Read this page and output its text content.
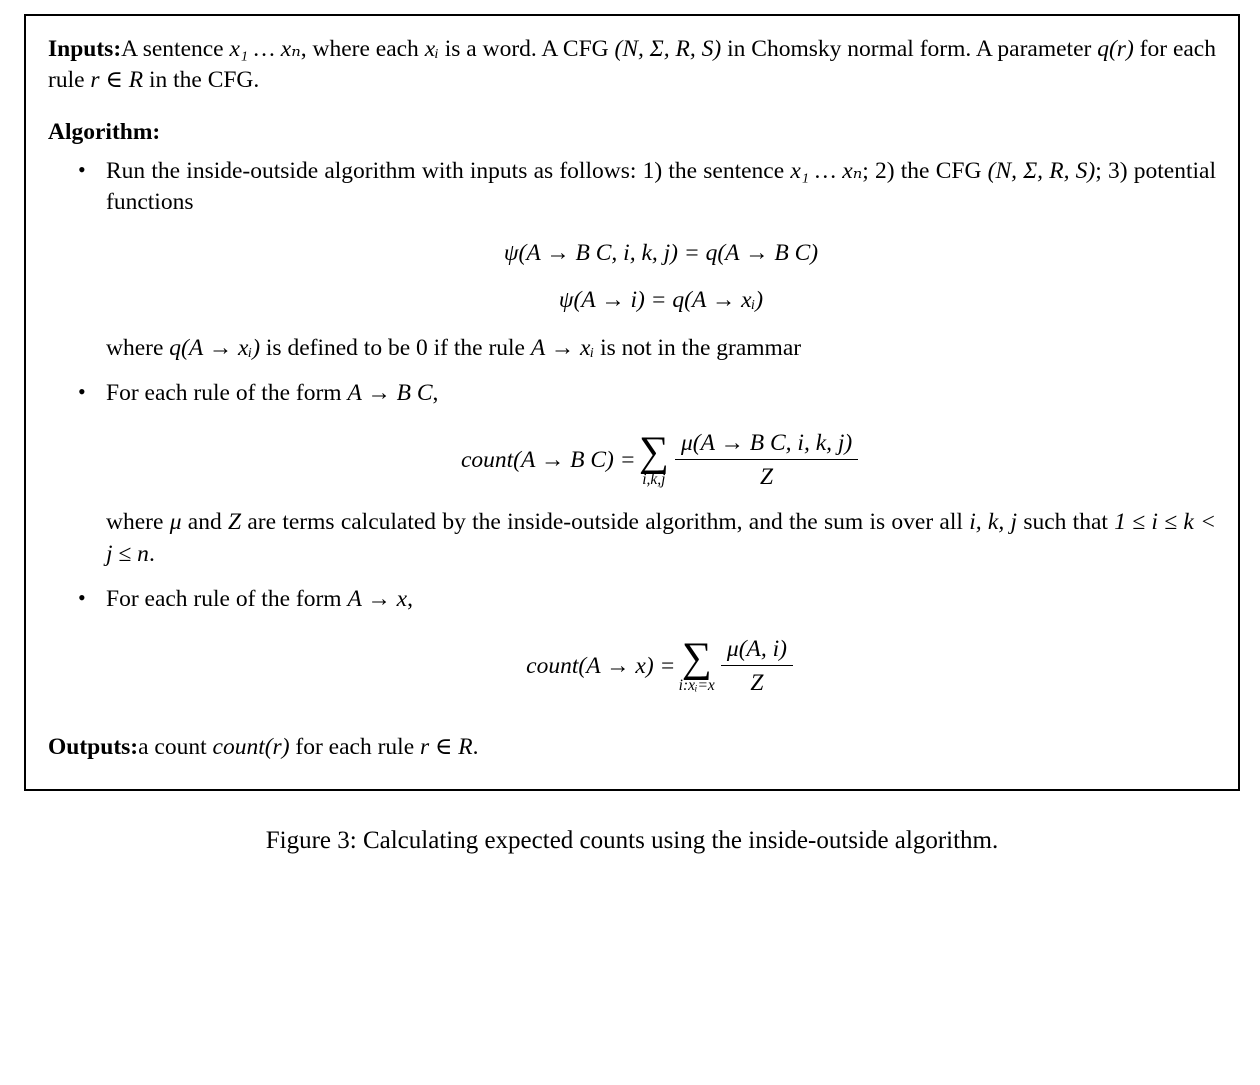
Inputs:A sentence x₁ … xₙ, where each xᵢ is a word. A CFG (N, Σ, R, S) in Chomsky normal form. A parameter q(r) for each rule r ∈ R in the CFG.

Algorithm:
• Run the inside-outside algorithm with inputs as follows: 1) the sentence x₁ … xₙ; 2) the CFG (N, Σ, R, S); 3) potential functions
ψ(A → B C, i, k, j) = q(A → B C)
ψ(A → i) = q(A → xᵢ)
where q(A → xᵢ) is defined to be 0 if the rule A → xᵢ is not in the grammar
• For each rule of the form A → B C,
count(A → B C) = ∑
$i,k,j \frac{\text{μ(A → B C, i, k, j)}}{Z}$
where μ and Z are terms calculated by the inside-outside algorithm, and the sum is over all i, k, j such that 1 ≤ i ≤ k < j ≤ n.
• For each rule of the form A → x,
count(A → x) = ∑
i:xᵢ=x $\frac{\mu(A, i)}{Z}$

Outputs:a count count(r) for each rule r ∈ R.

Figure 3: Calculating expected counts using the inside-outside algorithm.
